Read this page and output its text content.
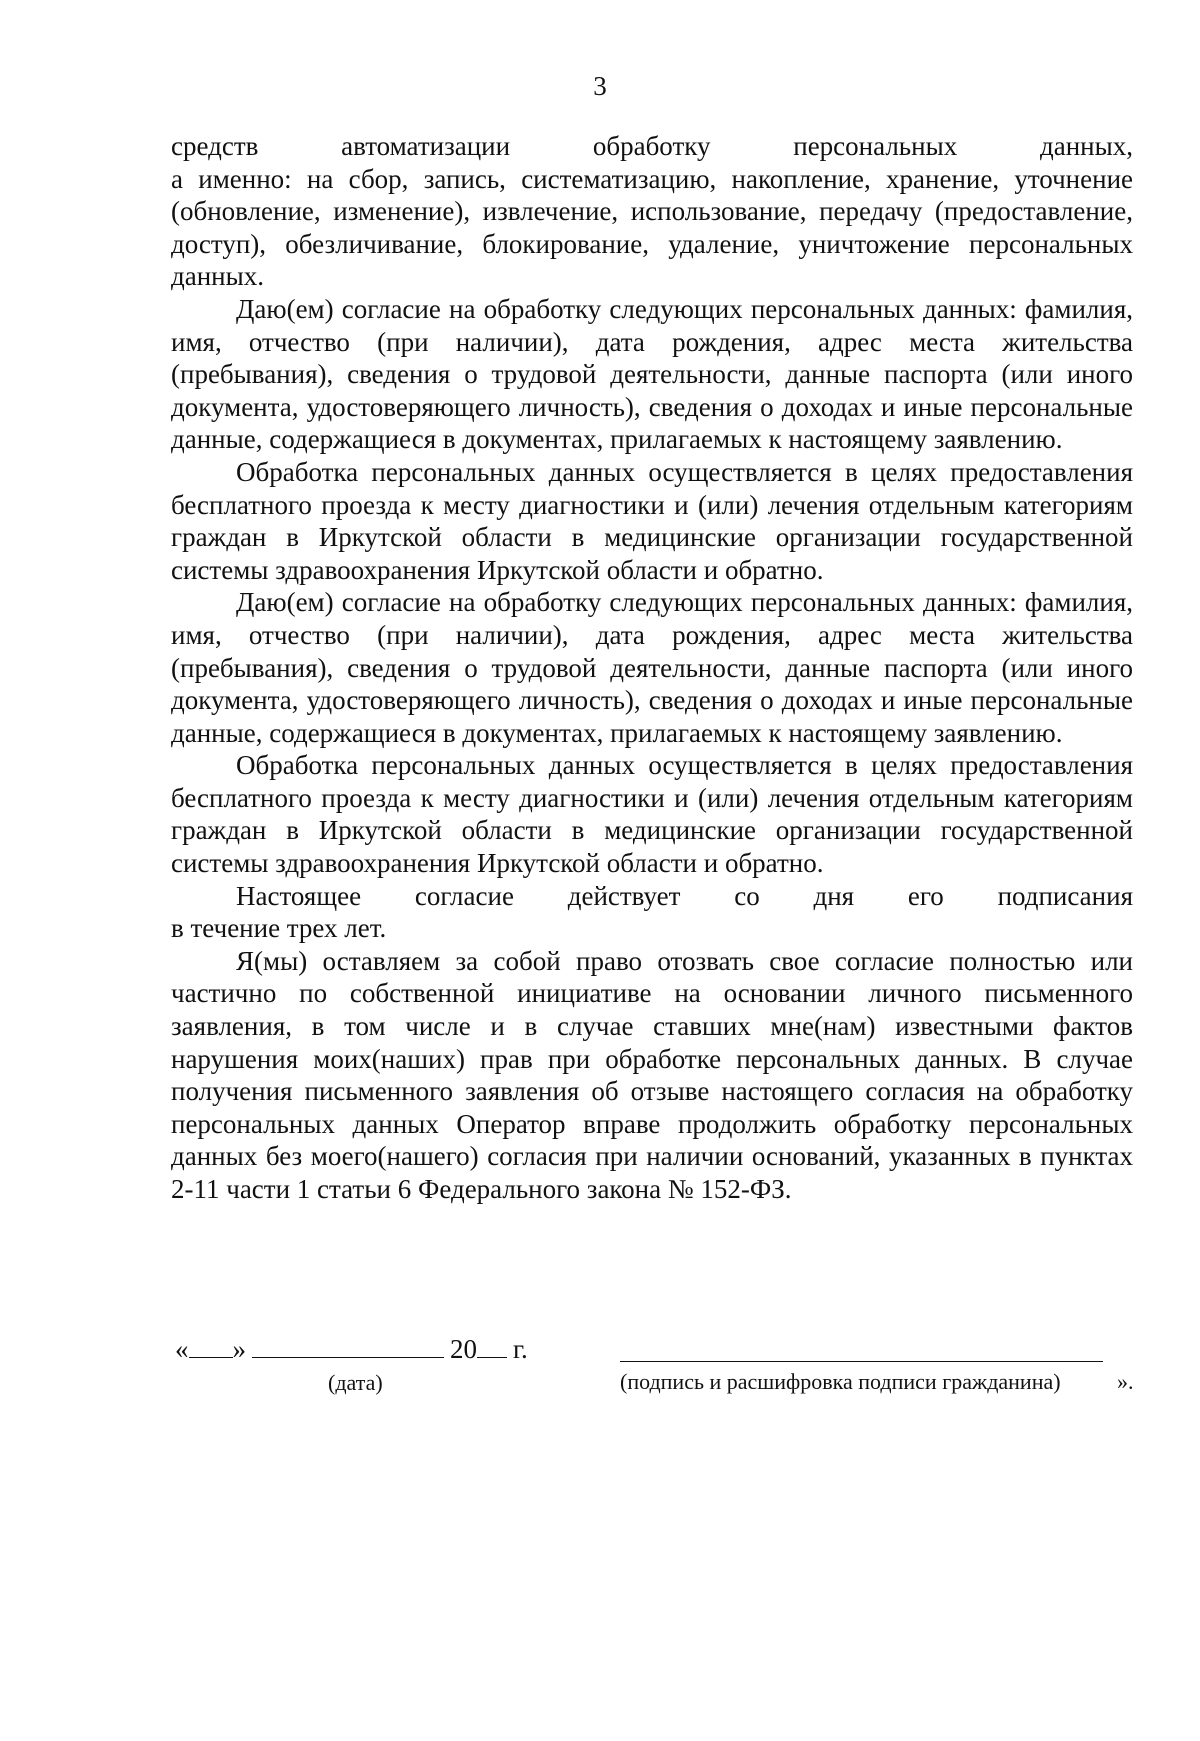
3

средств автоматизации обработку персональных данных,

а именно: на сбор, запись, систематизацию, накопление, хранение, уточнение (обновление, изменение), извлечение, использование, передачу (предоставление, доступ), обезличивание, блокирование, удаление, уничтожение персональных данных.

Даю(ем) согласие на обработку следующих персональных данных: фамилия, имя, отчество (при наличии), дата рождения, адрес места жительства (пребывания), сведения о трудовой деятельности, данные паспорта (или иного документа, удостоверяющего личность), сведения о доходах и иные персональные данные, содержащиеся в документах, прилагаемых к настоящему заявлению.

Обработка персональных данных осуществляется в целях предоставления бесплатного проезда к месту диагностики и (или) лечения отдельным категориям граждан в Иркутской области в медицинские организации государственной системы здравоохранения Иркутской области и обратно.

Даю(ем) согласие на обработку следующих персональных данных: фамилия, имя, отчество (при наличии), дата рождения, адрес места жительства (пребывания), сведения о трудовой деятельности, данные паспорта (или иного документа, удостоверяющего личность), сведения о доходах и иные персональные данные, содержащиеся в документах, прилагаемых к настоящему заявлению.

Обработка персональных данных осуществляется в целях предоставления бесплатного проезда к месту диагностики и (или) лечения отдельным категориям граждан в Иркутской области в медицинские организации государственной системы здравоохранения Иркутской области и обратно.

Настоящее согласие действует со дня его подписания

в течение трех лет.

Я(мы) оставляем за собой право отозвать свое согласие полностью или частично по собственной инициативе на основании личного письменного заявления, в том числе и в случае ставших мне(нам) известными фактов нарушения моих(наших) прав при обработке персональных данных. В случае получения письменного заявления об отзыве настоящего согласия на обработку персональных данных Оператор вправе продолжить обработку персональных данных без моего(нашего) согласия при наличии оснований, указанных в пунктах 2-11 части 1 статьи 6 Федерального закона № 152-ФЗ.

« »	20 г.
(дата)	(подпись и расшифровка подписи гражданина)	».
